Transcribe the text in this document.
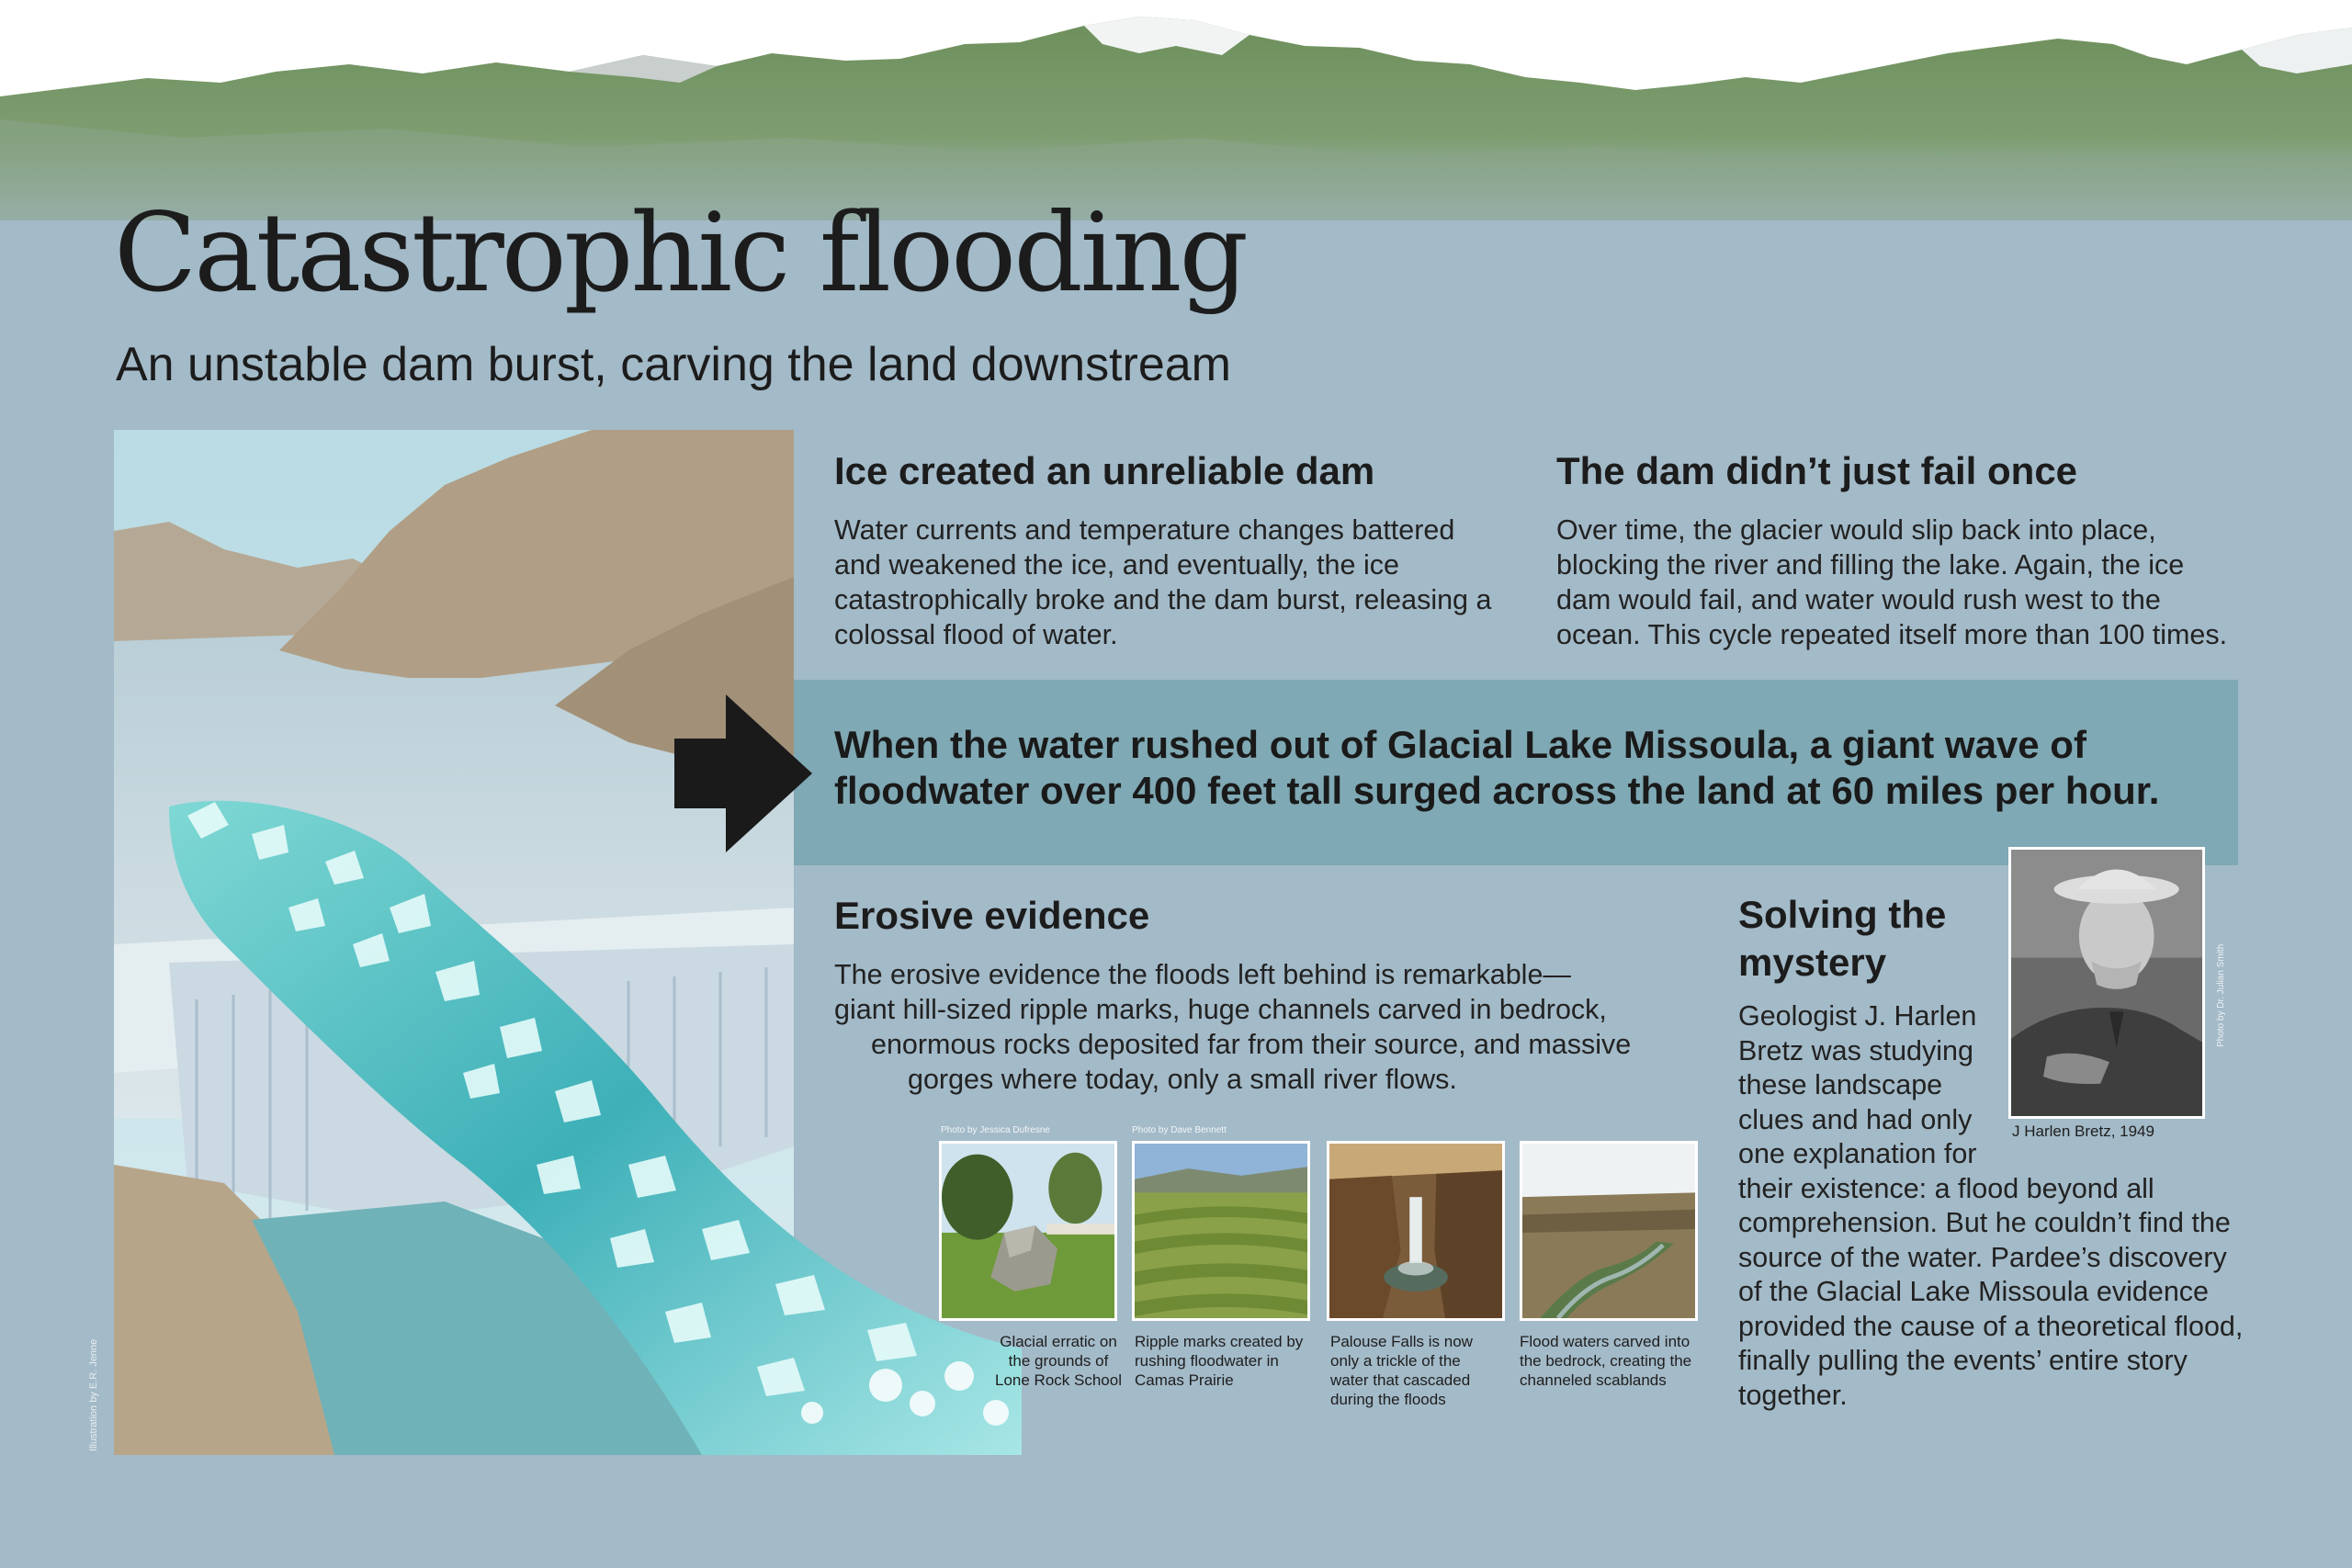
Catastrophic flooding
An unstable dam burst, carving the land downstream
Illustration by E.R. Jenne

When the water rushed out of Glacial Lake Missoula, a giant wave of floodwater over 400 feet tall surged across the land at 60 miles per hour.

Ice created an unreliable dam

Water currents and temperature changes battered and weakened the ice, and eventually, the ice catastrophically broke and the dam burst, releasing a colossal flood of water.

The dam didn’t just fail once

Over time, the glacier would slip back into place, blocking the river and filling the lake. Again, the ice dam would fail, and water would rush west to the ocean. This cycle repeated itself more than 100 times.

Erosive evidence

The erosive evidence the floods left behind is remarkable—
giant hill-sized ripple marks, huge channels carved in bedrock,
enormous rocks deposited far from their source, and massive
gorges where today, only a small river flows.

Photo by Jessica Dufresne	Photo by Dave Bennett
Glacial erratic on the grounds of Lone Rock School
Ripple marks created by rushing floodwater in Camas Prairie
Palouse Falls is now only a trickle of the water that cascaded during the floods
Flood waters carved into the bedrock, creating the channeled scablands
Solving the mystery

Geologist J. Harlen Bretz was studying these landscape clues and had only one explanation for their existence: a flood beyond all comprehension. But he couldn’t find the source of the water. Pardee’s discovery of the Glacial Lake Missoula evidence provided the cause of a theoretical flood, finally pulling the events’ entire story together.

Photo by Dr. Julian Smith
J Harlen Bretz, 1949
